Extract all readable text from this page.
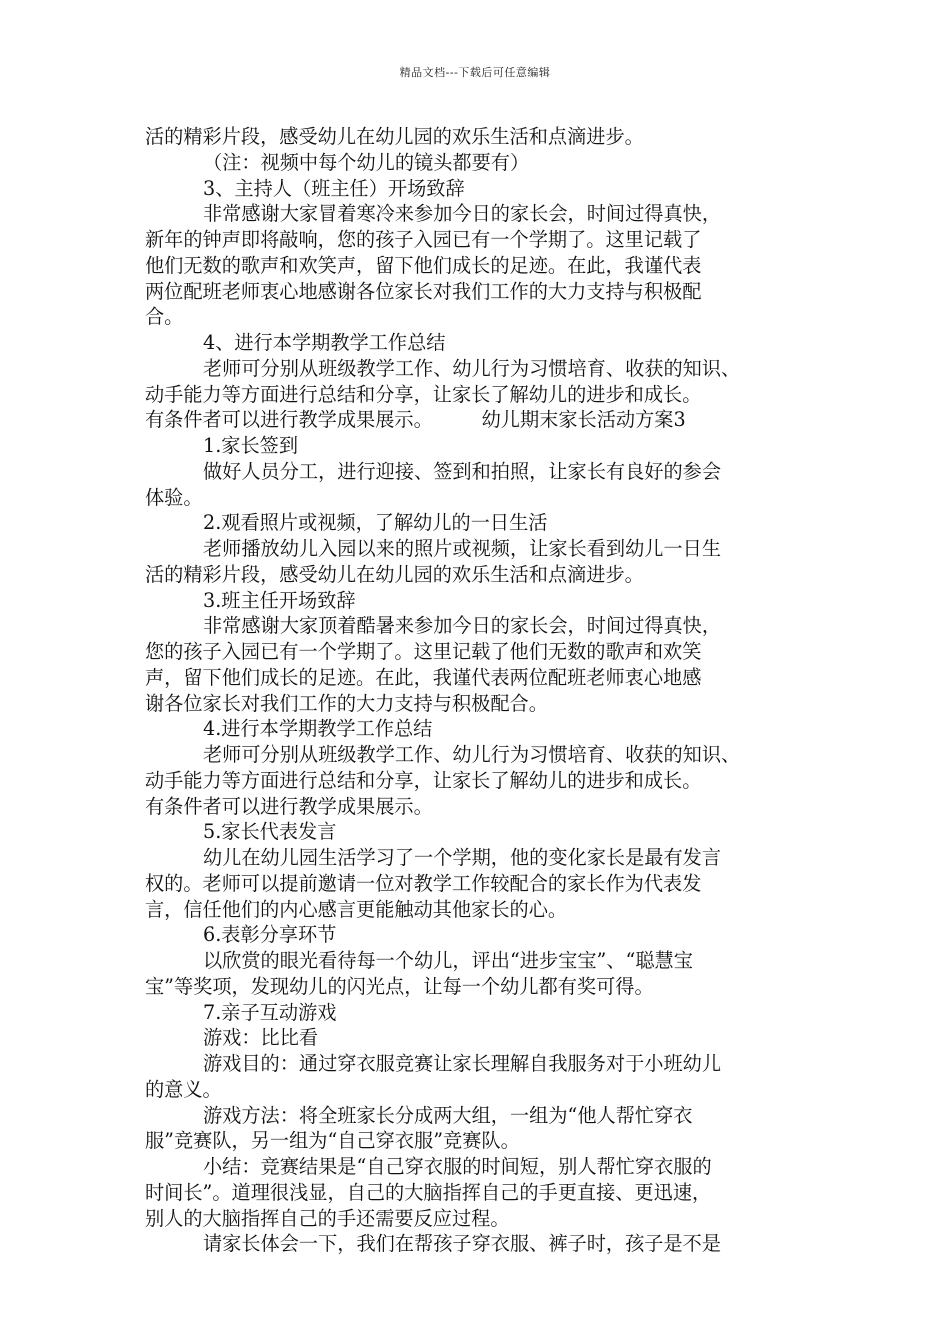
精品文档---下载后可任意编辑
活的精彩片段，感受幼儿在幼儿园的欢乐生活和点滴进步。
（注：视频中每个幼儿的镜头都要有）
3、主持人（班主任）开场致辞
非常感谢大家冒着寒冷来参加今日的家长会，时间过得真快，
新年的钟声即将敲响，您的孩子入园已有一个学期了。这里记载了
他们无数的歌声和欢笑声，留下他们成长的足迹。在此，我谨代表
两位配班老师衷心地感谢各位家长对我们工作的大力支持与积极配
合。
4、进行本学期教学工作总结
老师可分别从班级教学工作、幼儿行为习惯培育、收获的知识、
动手能力等方面进行总结和分享，让家长了解幼儿的进步和成长。
有条件者可以进行教学成果展示。        幼儿期末家长活动方案3
1.家长签到
做好人员分工，进行迎接、签到和拍照，让家长有良好的参会
体验。
2.观看照片或视频，了解幼儿的一日生活
老师播放幼儿入园以来的照片或视频，让家长看到幼儿一日生
活的精彩片段，感受幼儿在幼儿园的欢乐生活和点滴进步。
3.班主任开场致辞
非常感谢大家顶着酷暑来参加今日的家长会，时间过得真快，
您的孩子入园已有一个学期了。这里记载了他们无数的歌声和欢笑
声，留下他们成长的足迹。在此，我谨代表两位配班老师衷心地感
谢各位家长对我们工作的大力支持与积极配合。
4.进行本学期教学工作总结
老师可分别从班级教学工作、幼儿行为习惯培育、收获的知识、
动手能力等方面进行总结和分享，让家长了解幼儿的进步和成长。
有条件者可以进行教学成果展示。
5.家长代表发言
幼儿在幼儿园生活学习了一个学期，他的变化家长是最有发言
权的。老师可以提前邀请一位对教学工作较配合的家长作为代表发
言，信任他们的内心感言更能触动其他家长的心。
6.表彰分享环节
以欣赏的眼光看待每一个幼儿，评出“进步宝宝”、“聪慧宝
宝”等奖项，发现幼儿的闪光点，让每一个幼儿都有奖可得。
7.亲子互动游戏
游戏：比比看
游戏目的：通过穿衣服竞赛让家长理解自我服务对于小班幼儿
的意义。
游戏方法：将全班家长分成两大组，一组为“他人帮忙穿衣
服”竞赛队，另一组为“自己穿衣服”竞赛队。
小结：竞赛结果是“自己穿衣服的时间短，别人帮忙穿衣服的
时间长”。道理很浅显，自己的大脑指挥自己的手更直接、更迅速，
别人的大脑指挥自己的手还需要反应过程。
请家长体会一下，我们在帮孩子穿衣服、裤子时，孩子是不是
